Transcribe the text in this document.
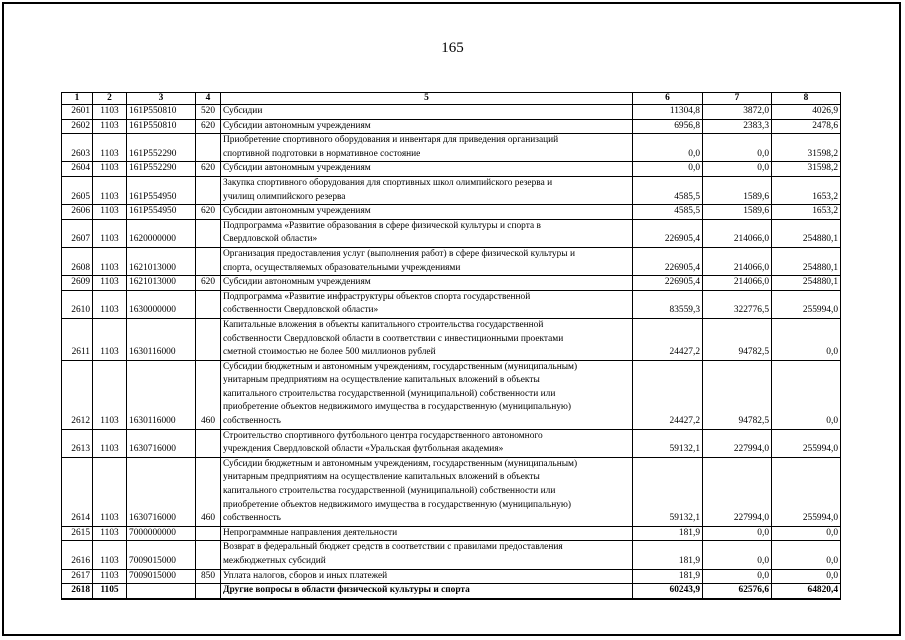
165
1	2	3	4	5	6	7	8
2601	1103	161P550810	520	Субсидии	11304,8	3872,0	4026,9
2602	1103	161P550810	620	Субсидии автономным учреждениям	6956,8	2383,3	2478,6
2603	1103	161P552290		Приобретение спортивного оборудования и инвентаря для приведения организаций
спортивной подготовки в нормативное состояние	0,0	0,0	31598,2
2604	1103	161P552290	620	Субсидии автономным учреждениям	0,0	0,0	31598,2
2605	1103	161P554950		Закупка спортивного оборудования для спортивных школ олимпийского резерва и
училищ олимпийского резерва	4585,5	1589,6	1653,2
2606	1103	161P554950	620	Субсидии автономным учреждениям	4585,5	1589,6	1653,2
2607	1103	1620000000		Подпрограмма «Развитие образования в сфере физической культуры и спорта в
Свердловской области»	226905,4	214066,0	254880,1
2608	1103	1621013000		Организация предоставления услуг (выполнения работ) в сфере физической культуры и
спорта, осуществляемых образовательными учреждениями	226905,4	214066,0	254880,1
2609	1103	1621013000	620	Субсидии автономным учреждениям	226905,4	214066,0	254880,1
2610	1103	1630000000		Подпрограмма «Развитие инфраструктуры объектов спорта государственной
собственности Свердловской области»	83559,3	322776,5	255994,0
2611	1103	1630116000		Капитальные вложения в объекты капитального строительства государственной
собственности Свердловской области в соответствии с инвестиционными проектами
сметной стоимостью не более 500 миллионов рублей	24427,2	94782,5	0,0
2612	1103	1630116000	460	Субсидии бюджетным и автономным учреждениям, государственным (муниципальным)
унитарным предприятиям на осуществление капитальных вложений в объекты
капитального строительства государственной (муниципальной) собственности или
приобретение объектов недвижимого имущества в государственную (муниципальную)
собственность	24427,2	94782,5	0,0
2613	1103	1630716000		Строительство спортивного футбольного центра государственного автономного
учреждения Свердловской области «Уральская футбольная академия»	59132,1	227994,0	255994,0
2614	1103	1630716000	460	Субсидии бюджетным и автономным учреждениям, государственным (муниципальным)
унитарным предприятиям на осуществление капитальных вложений в объекты
капитального строительства государственной (муниципальной) собственности или
приобретение объектов недвижимого имущества в государственную (муниципальную)
собственность	59132,1	227994,0	255994,0
2615	1103	7000000000		Непрограммные направления деятельности	181,9	0,0	0,0
2616	1103	7009015000		Возврат в федеральный бюджет средств в соответствии с правилами предоставления
межбюджетных субсидий	181,9	0,0	0,0
2617	1103	7009015000	850	Уплата налогов, сборов и иных платежей	181,9	0,0	0,0
2618	1105			Другие вопросы в области физической культуры и спорта	60243,9	62576,6	64820,4
